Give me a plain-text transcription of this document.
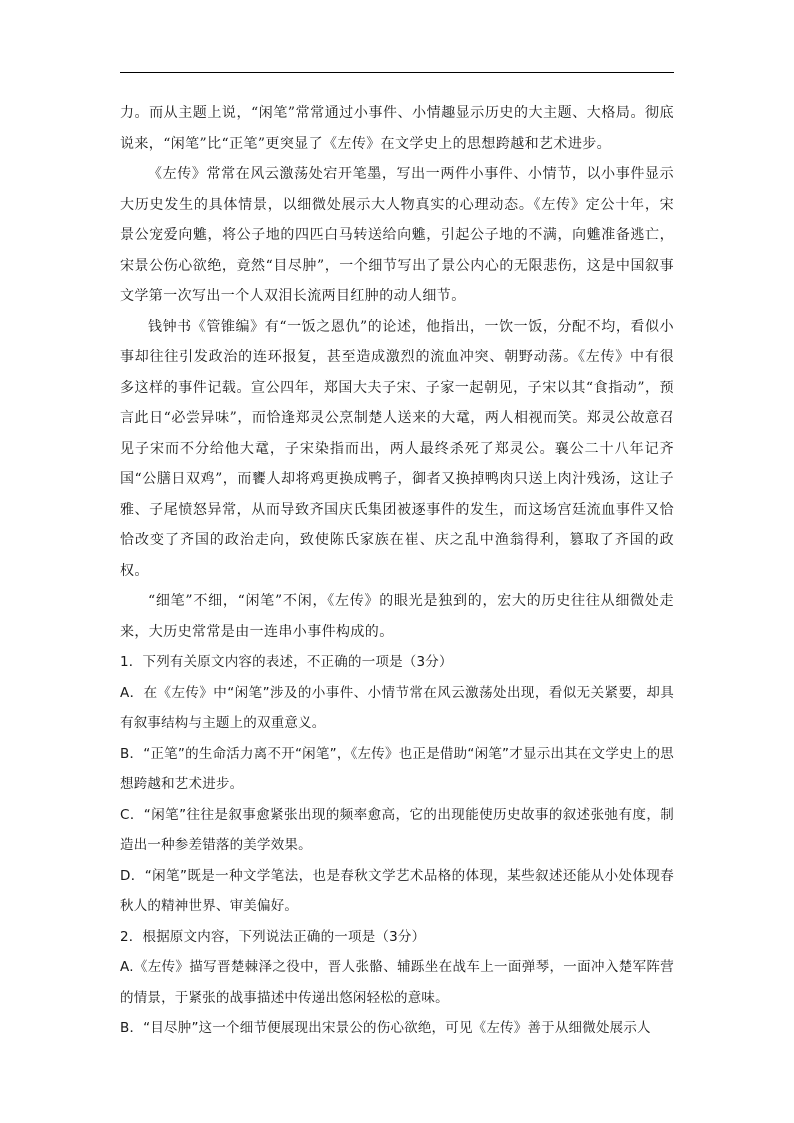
力。而从主题上说，“闲笔”常常通过小事件、小情趣显示历史的大主题、大格局。彻底说来，“闲笔”比“正笔”更突显了《左传》在文学史上的思想跨越和艺术进步。

《左传》常常在风云激荡处宕开笔墨，写出一两件小事件、小情节，以小事件显示大历史发生的具体情景，以细微处展示大人物真实的心理动态。《左传》定公十年，宋景公宠爱向魋，将公子地的四匹白马转送给向魋，引起公子地的不满，向魋准备逃亡，宋景公伤心欲绝，竟然“目尽肿”，一个细节写出了景公内心的无限悲伤，这是中国叙事文学第一次写出一个人双泪长流两目红肿的动人细节。

钱钟书《管锥编》有“一饭之恩仇”的论述，他指出，一饮一饭，分配不均，看似小事却往往引发政治的连环报复，甚至造成激烈的流血冲突、朝野动荡。《左传》中有很多这样的事件记载。宣公四年，郑国大夫子宋、子家一起朝见，子宋以其“食指动”，预言此日“必尝异味”，而恰逢郑灵公烹制楚人送来的大鼋，两人相视而笑。郑灵公故意召见子宋而不分给他大鼋，子宋染指而出，两人最终杀死了郑灵公。襄公二十八年记齐国“公膳日双鸡”，而饔人却将鸡更换成鸭子，御者又换掉鸭肉只送上肉汁残汤，这让子雅、子尾愤怒异常，从而导致齐国庆氏集团被逐事件的发生，而这场宫廷流血事件又恰恰改变了齐国的政治走向，致使陈氏家族在崔、庆之乱中渔翁得利，篡取了齐国的政权。

“细笔”不细，“闲笔”不闲，《左传》的眼光是独到的，宏大的历史往往从细微处走来，大历史常常是由一连串小事件构成的。

1．下列有关原文内容的表述，不正确的一项是（3分）

A．在《左传》中“闲笔”涉及的小事件、小情节常在风云激荡处出现，看似无关紧要，却具有叙事结构与主题上的双重意义。

B．“正笔”的生命活力离不开“闲笔”，《左传》也正是借助“闲笔”才显示出其在文学史上的思想跨越和艺术进步。

C．“闲笔”往往是叙事愈紧张出现的频率愈高，它的出现能使历史故事的叙述张弛有度，制造出一种参差错落的美学效果。

D．“闲笔”既是一种文学笔法，也是春秋文学艺术品格的体现，某些叙述还能从小处体现春秋人的精神世界、审美偏好。

2．根据原文内容，下列说法正确的一项是（3分）

A.《左传》描写晋楚棘泽之役中，晋人张骼、辅跞坐在战车上一面弹琴，一面冲入楚军阵营的情景，于紧张的战事描述中传递出悠闲轻松的意味。

B．“目尽肿”这一个细节便展现出宋景公的伤心欲绝，可见《左传》善于从细微处展示人
